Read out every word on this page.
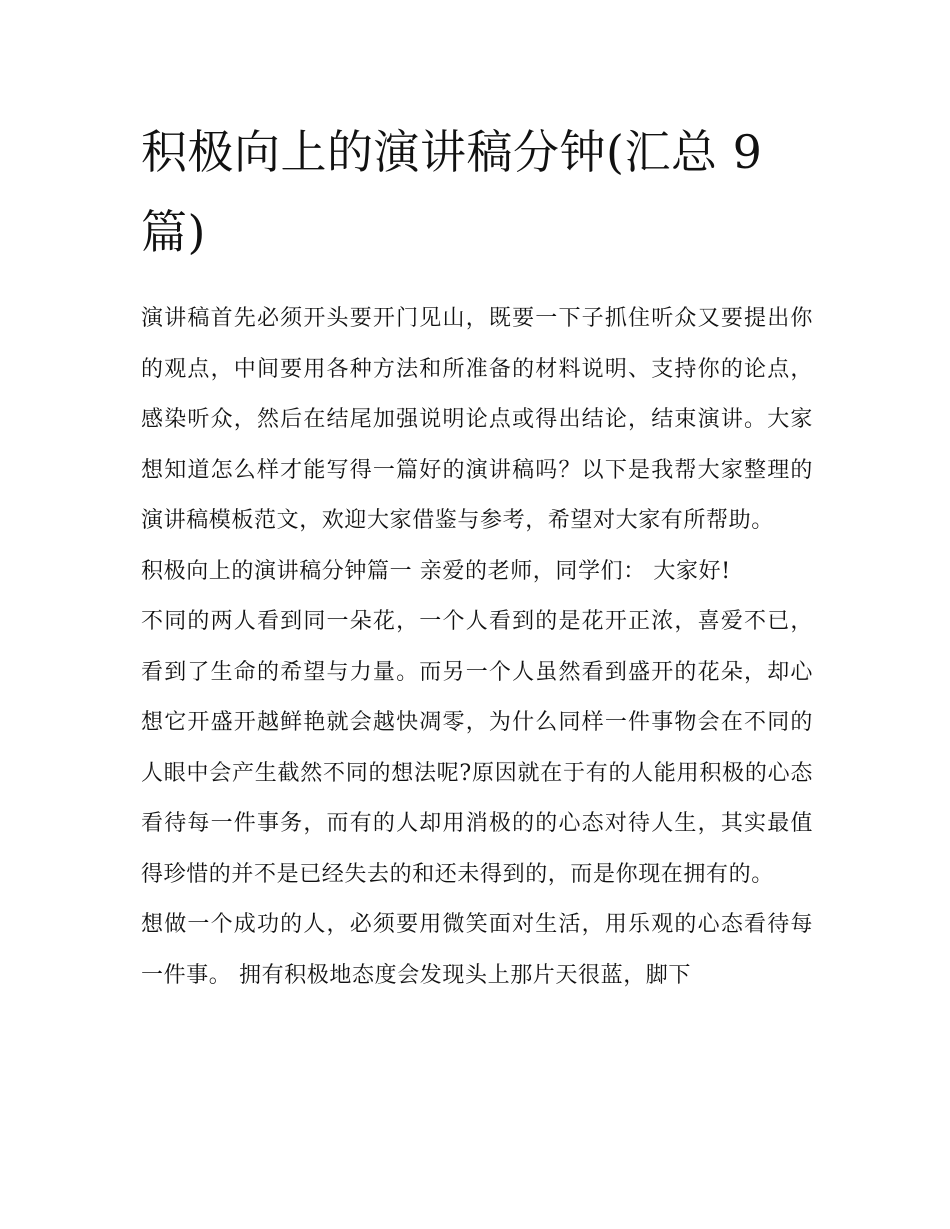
积极向上的演讲稿分钟(汇总 9 篇)

演讲稿首先必须开头要开门见山，既要一下子抓住听众又要提出你的观点，中间要用各种方法和所准备的材料说明、支持你的论点，感染听众，然后在结尾加强说明论点或得出结论，结束演讲。大家想知道怎么样才能写得一篇好的演讲稿吗？以下是我帮大家整理的演讲稿模板范文，欢迎大家借鉴与参考，希望对大家有所帮助。

积极向上的演讲稿分钟篇一 亲爱的老师，同学们： 大家好!

不同的两人看到同一朵花，一个人看到的是花开正浓，喜爱不已，看到了生命的希望与力量。而另一个人虽然看到盛开的花朵，却心想它开盛开越鲜艳就会越快凋零，为什么同样一件事物会在不同的人眼中会产生截然不同的想法呢?原因就在于有的人能用积极的心态看待每一件事务，而有的人却用消极的的心态对待人生，其实最值得珍惜的并不是已经失去的和还未得到的，而是你现在拥有的。

想做一个成功的人，必须要用微笑面对生活，用乐观的心态看待每一件事。 拥有积极地态度会发现头上那片天很蓝，脚下
